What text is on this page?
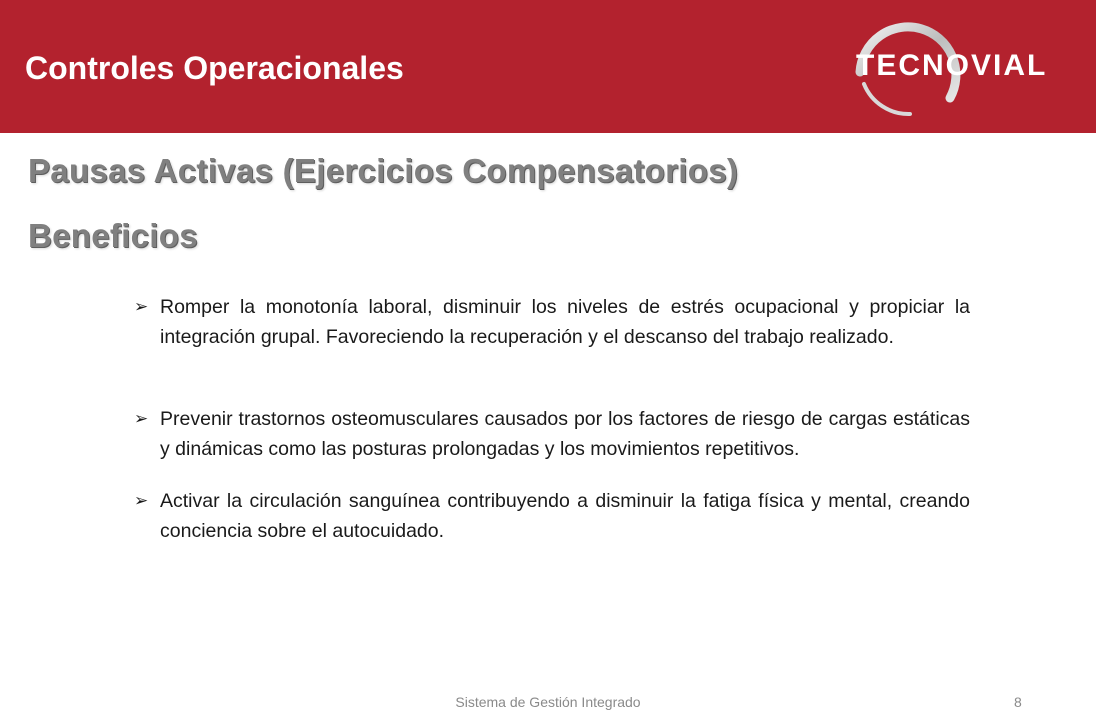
Controles Operacionales	TECNOVIAL
Pausas Activas (Ejercicios Compensatorios)
Beneficios
➢ Romper la monotonía laboral, disminuir los niveles de estrés ocupacional y propiciar la integración grupal. Favoreciendo la recuperación y el descanso del trabajo realizado.
➢ Prevenir trastornos osteomusculares causados por los factores de riesgo de cargas estáticas y dinámicas como las posturas prolongadas y los movimientos repetitivos.
➢ Activar la circulación sanguínea contribuyendo a disminuir la fatiga física y mental, creando conciencia sobre el autocuidado.
Sistema de Gestión Integrado	8
